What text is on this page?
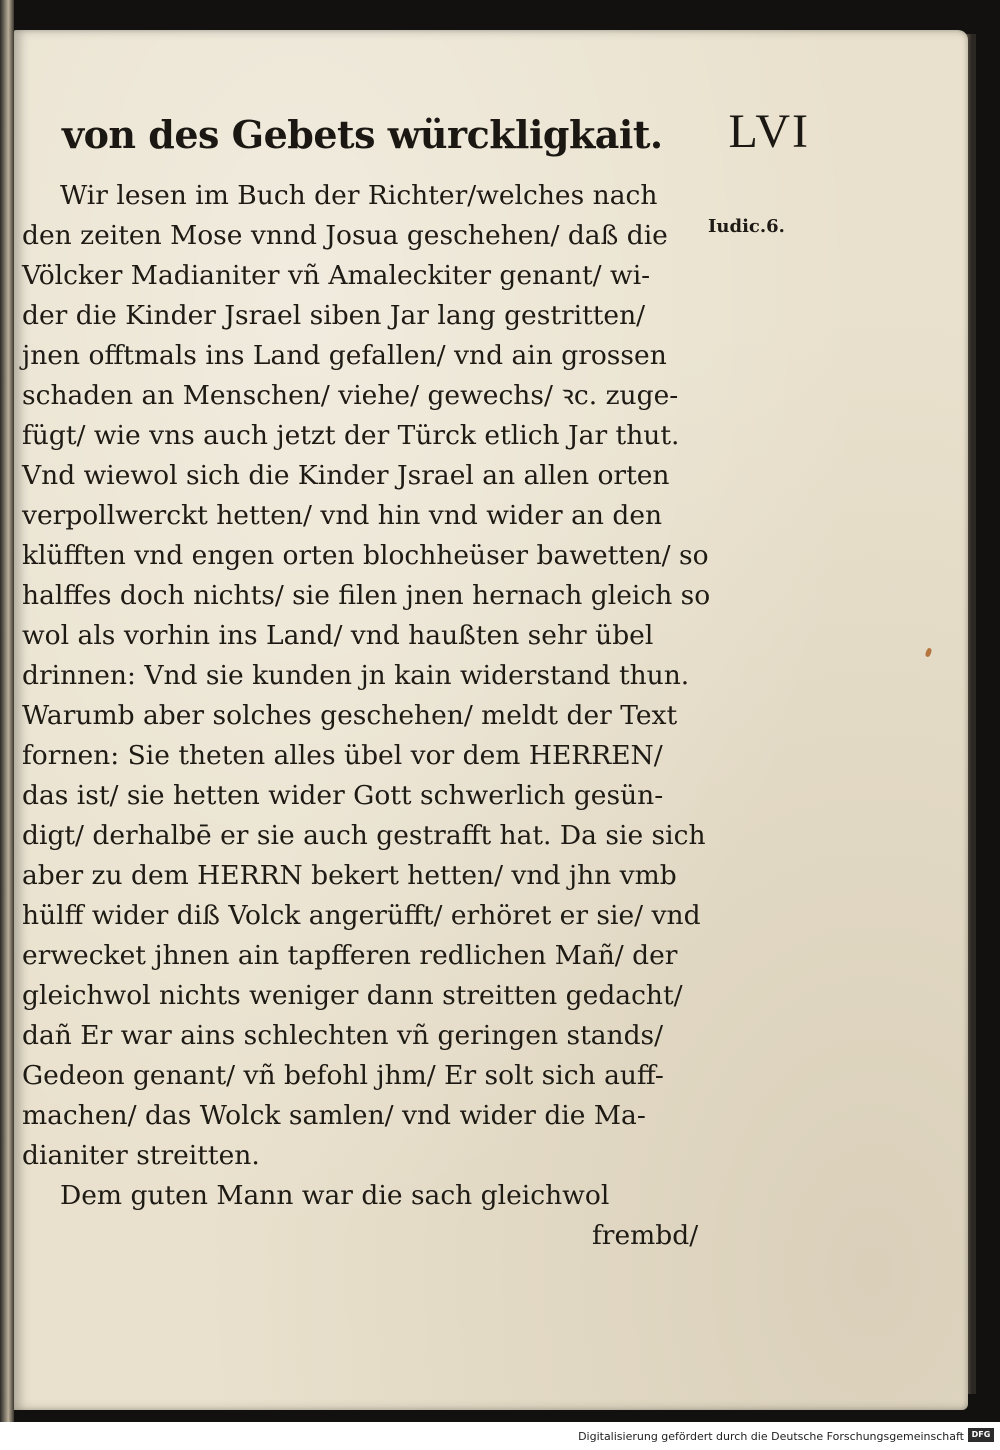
von des Gebets würckligkait. LVI
Iudic.6.
Wir lesen im Buch der Richter/welches nach
den zeiten Mose vnnd Josua geschehen/ daß die
Völcker Madianiter vñ Amaleckiter genant/ wi-
der die Kinder Jsrael siben Jar lang gestritten/
jnen offtmals ins Land gefallen/ vnd ain grossen
schaden an Menschen/ viehe/ gewechs/ ꝛc. zuge-
fügt/ wie vns auch jetzt der Türck etlich Jar thut.
Vnd wiewol sich die Kinder Jsrael an allen orten
verpollwerckt hetten/ vnd hin vnd wider an den
klüfften vnd engen orten blochheüser bawetten/ so
halffes doch nichts/ sie filen jnen hernach gleich so
wol als vorhin ins Land/ vnd haußten sehr übel
drinnen: Vnd sie kunden jn kain widerstand thun.
Warumb aber solches geschehen/ meldt der Text
fornen: Sie theten alles übel vor dem HERREN/
das ist/ sie hetten wider Gott schwerlich gesün-
digt/ derhalbē er sie auch gestrafft hat. Da sie sich
aber zu dem HERRN bekert hetten/ vnd jhn vmb
hülff wider diß Volck angerüfft/ erhöret er sie/ vnd
erwecket jhnen ain tapfferen redlichen Mañ/ der
gleichwol nichts weniger dann streitten gedacht/
dañ Er war ains schlechten vñ geringen stands/
Gedeon genant/ vñ befohl jhm/ Er solt sich auff-
machen/ das Wolck samlen/ vnd wider die Ma-
dianiter streitten.
Dem guten Mann war die sach gleichwol
frembd/
Digitalisierung gefördert durch die Deutsche Forschungsgemeinschaft DFG
